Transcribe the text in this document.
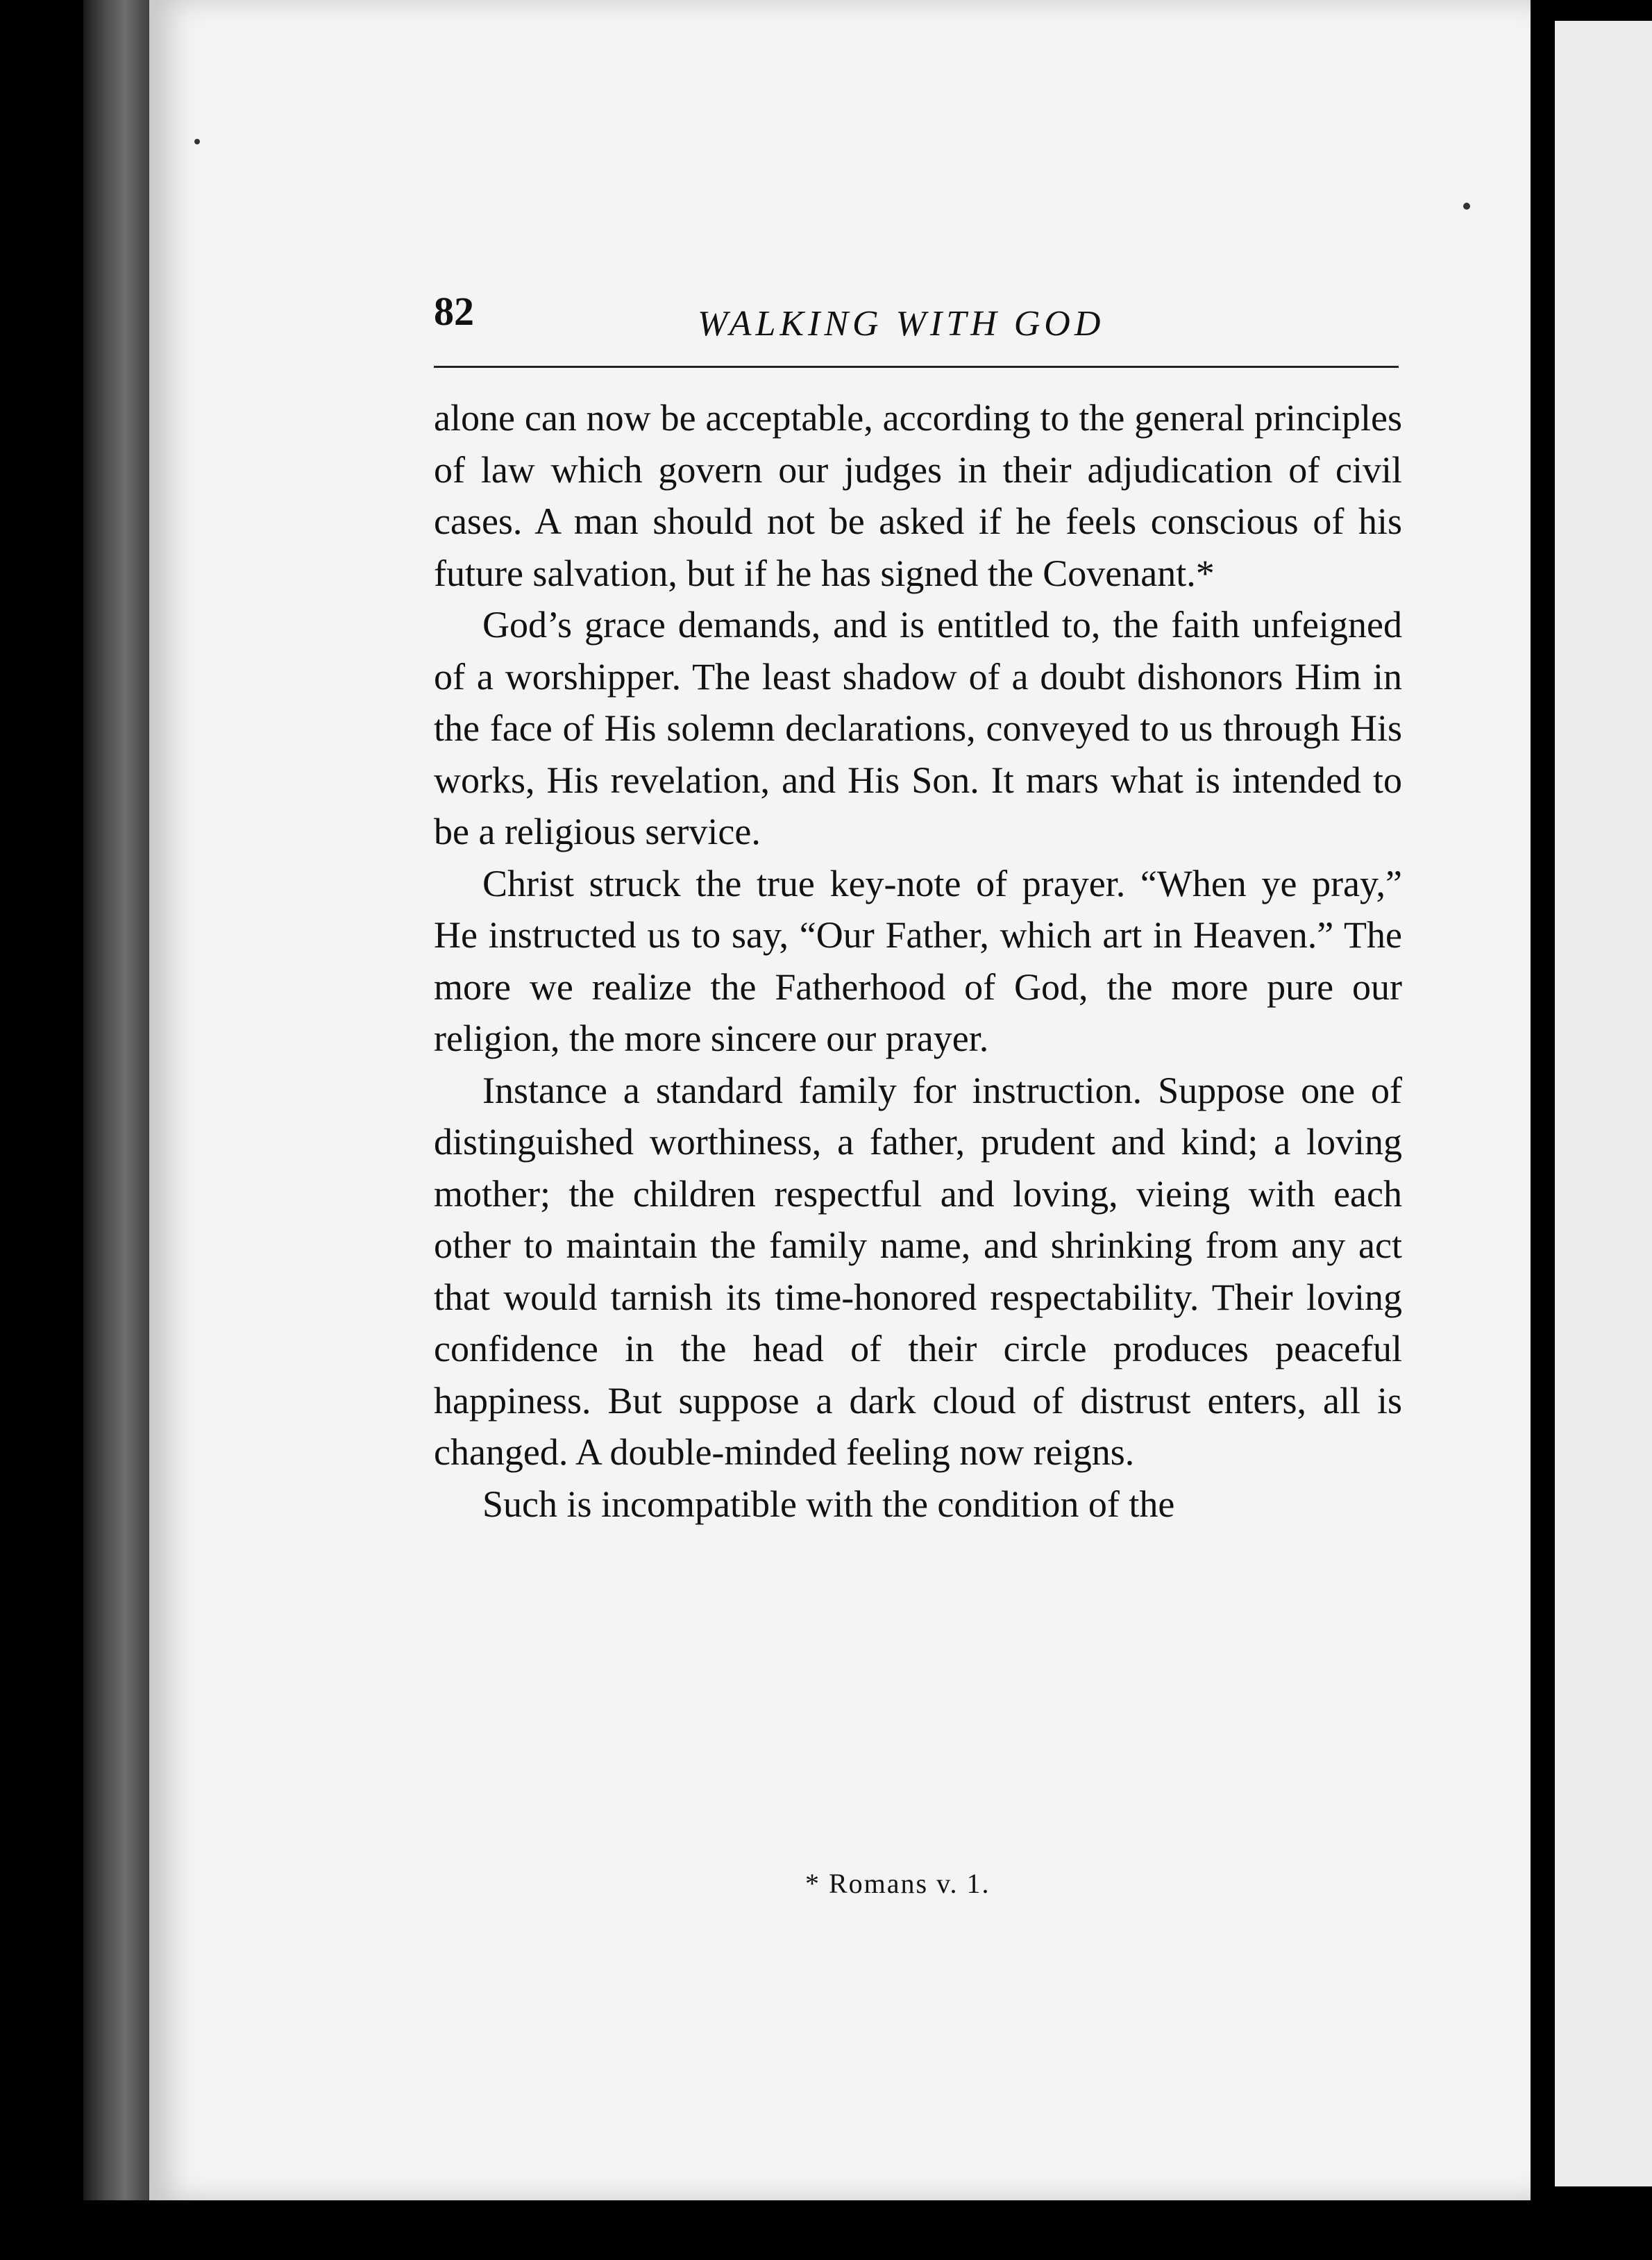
82	WALKING WITH GOD

alone can now be acceptable, according to the general principles of law which govern our judges in their adjudication of civil cases. A man should not be asked if he feels conscious of his future salvation, but if he has signed the Covenant.*

God’s grace demands, and is entitled to, the faith unfeigned of a worshipper. The least shadow of a doubt dishonors Him in the face of His solemn declarations, conveyed to us through His works, His revelation, and His Son. It mars what is intended to be a religious service.

Christ struck the true key-note of prayer. “When ye pray,” He instructed us to say, “Our Father, which art in Heaven.” The more we realize the Fatherhood of God, the more pure our religion, the more sincere our prayer.

Instance a standard family for instruction. Suppose one of distinguished worthiness, a father, prudent and kind; a loving mother; the children respectful and loving, vieing with each other to maintain the family name, and shrinking from any act that would tarnish its time-honored respectability. Their loving confidence in the head of their circle produces peaceful happiness. But suppose a dark cloud of distrust enters, all is changed. A double-minded feeling now reigns.

Such is incompatible with the condition of the

* Romans v. 1.
